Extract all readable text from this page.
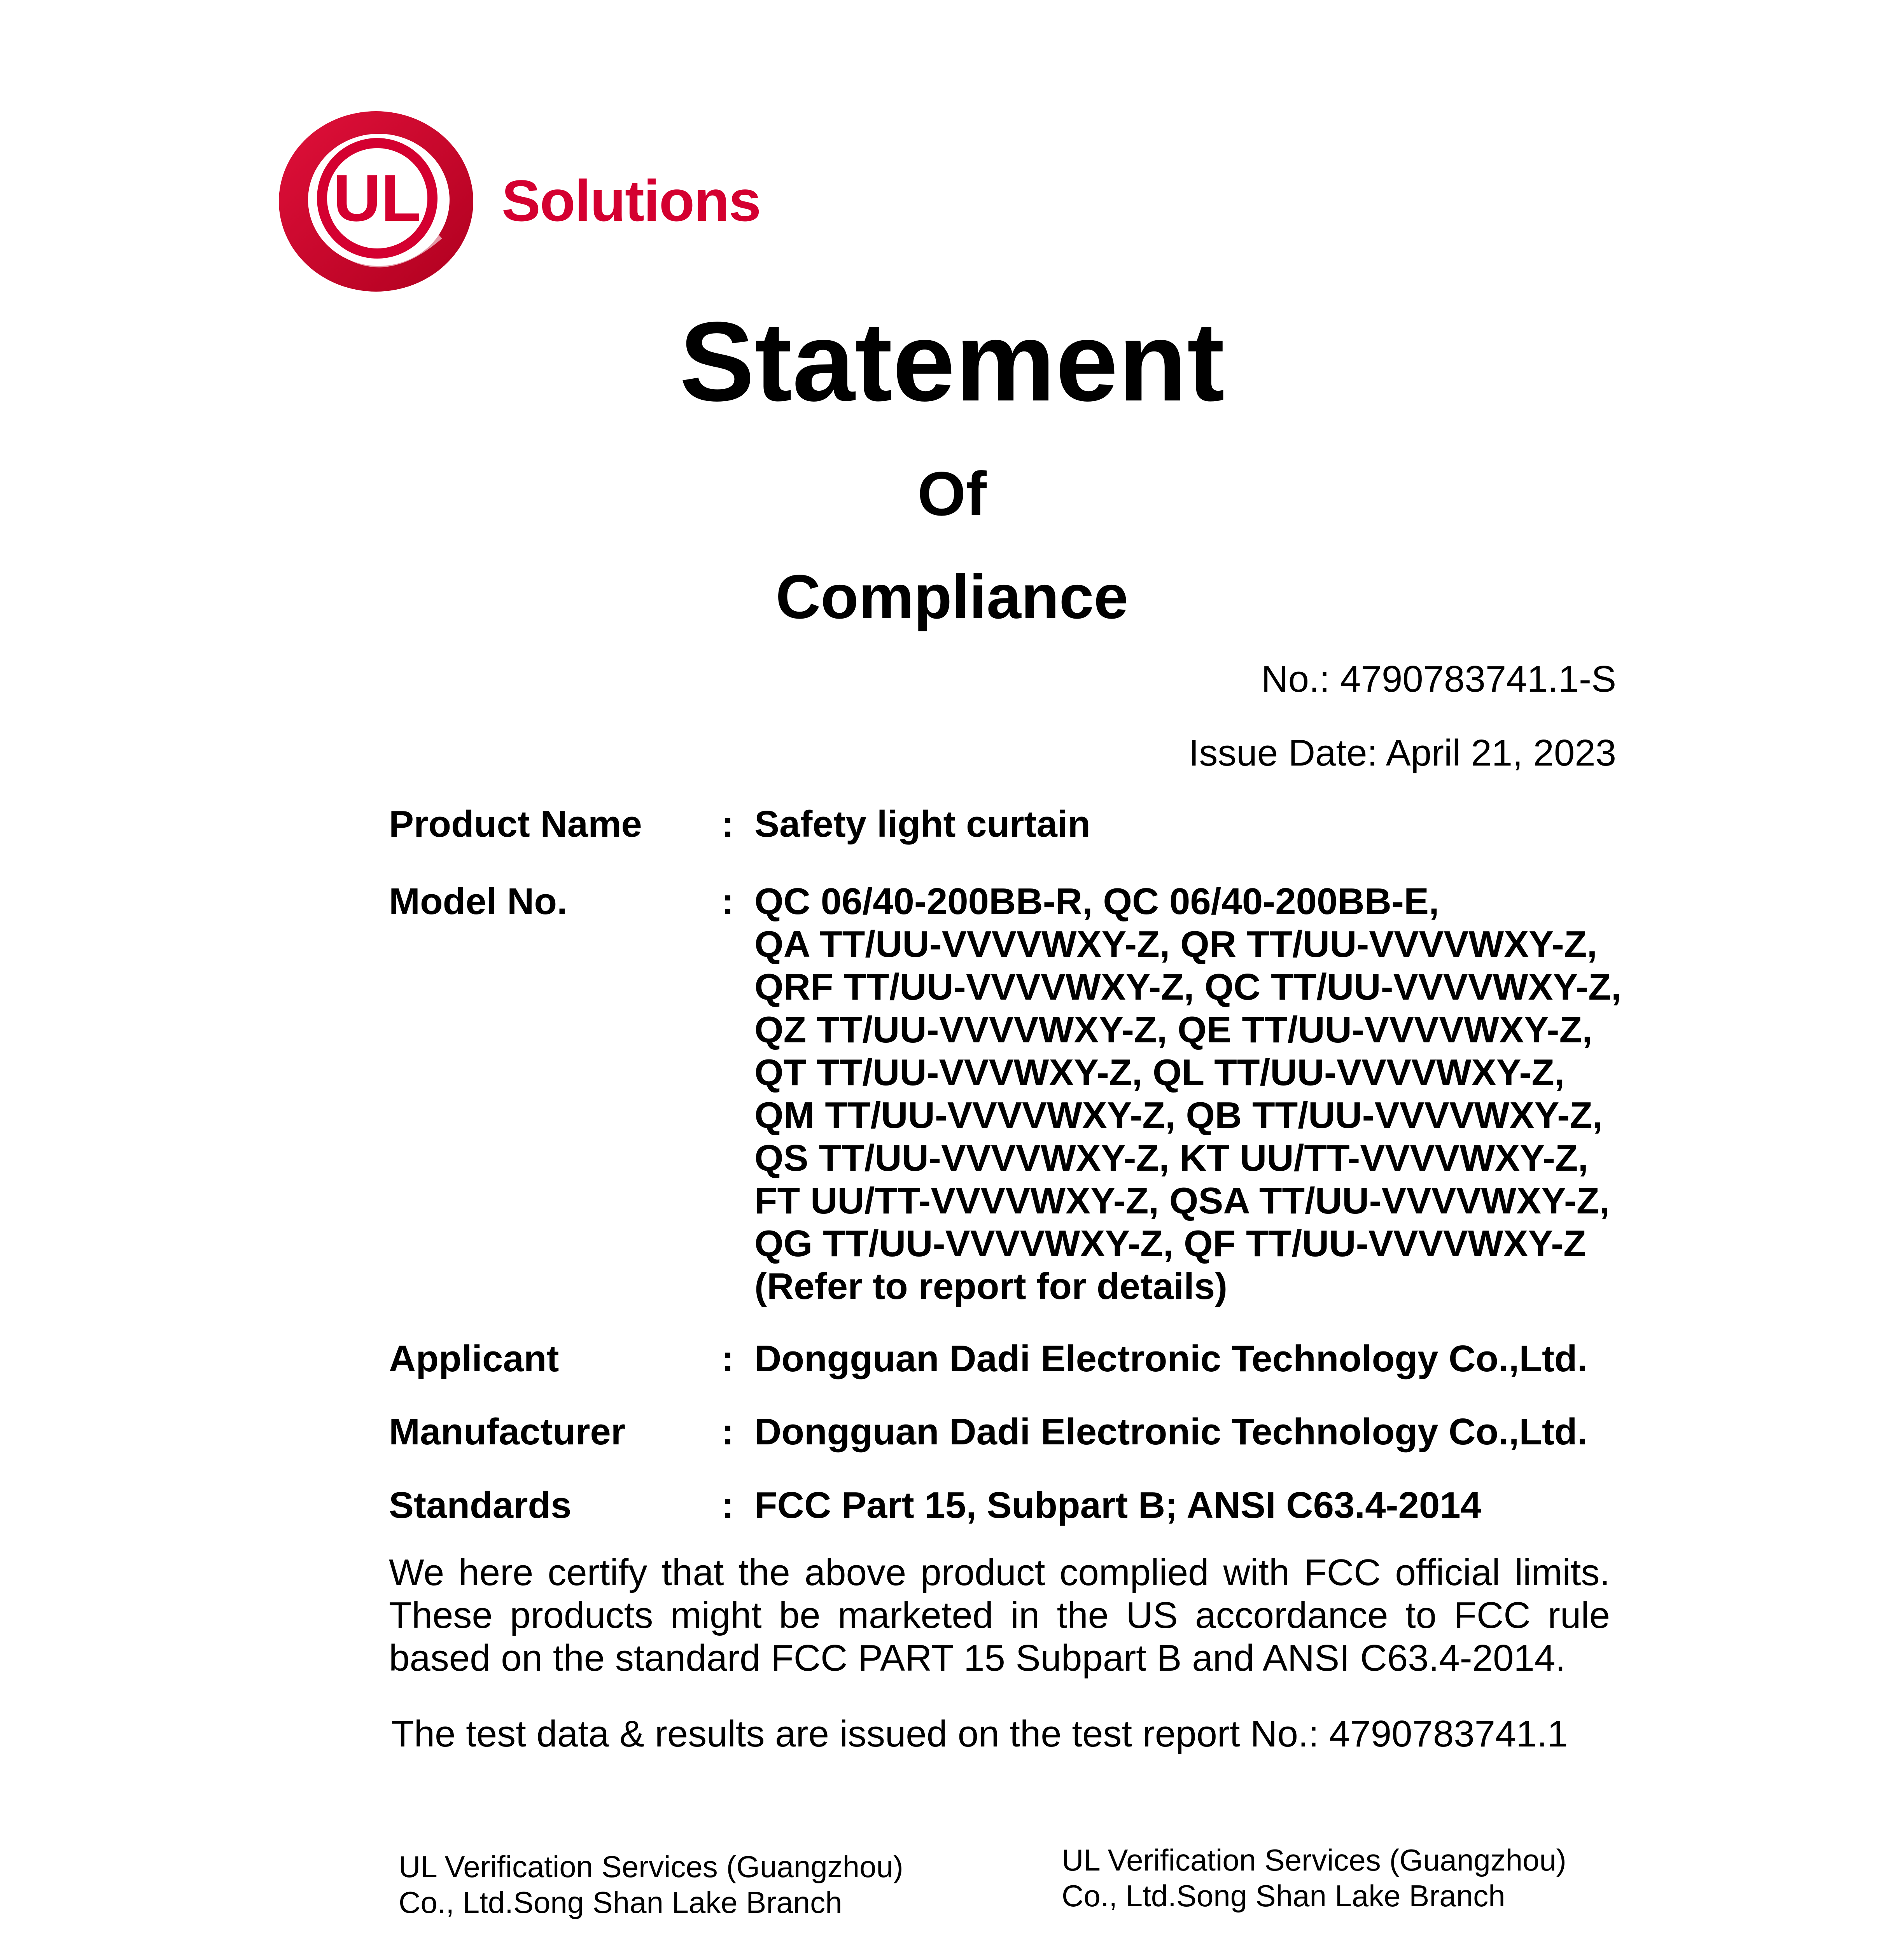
UL Solutions
Statement
Of
Compliance
No.: 4790783741.1-S
Issue Date: April 21, 2023
Product Name : Safety light curtain
Model No.	: QC 06/40-200BB-R, QC 06/40-200BB-E,
QA TT/UU-VVVVWXY-Z, QR TT/UU-VVVVWXY-Z,
QRF TT/UU-VVVVWXY-Z, QC TT/UU-VVVVWXY-Z,
QZ TT/UU-VVVVWXY-Z, QE TT/UU-VVVVWXY-Z,
QT TT/UU-VVVWXY-Z, QL TT/UU-VVVVWXY-Z,
QM TT/UU-VVVVWXY-Z, QB TT/UU-VVVVWXY-Z,
QS TT/UU-VVVVWXY-Z, KT UU/TT-VVVVWXY-Z,
FT UU/TT-VVVVWXY-Z, QSA TT/UU-VVVVWXY-Z,
QG TT/UU-VVVVWXY-Z, QF TT/UU-VVVVWXY-Z
(Refer to report for details)
Applicant	: Dongguan Dadi Electronic Technology Co.,Ltd.
Manufacturer	: Dongguan Dadi Electronic Technology Co.,Ltd.
Standards	: FCC Part 15, Subpart B; ANSI C63.4-2014
We here certify that the above product complied with FCC official limits. These products might be marketed in the US accordance to FCC rule based on the standard FCC PART 15 Subpart B and ANSI C63.4-2014.
The test data & results are issued on the test report No.: 4790783741.1
UL Verification Services (Guangzhou)
Co., Ltd.Song Shan Lake Branch
UL Verification Services (Guangzhou)
Co., Ltd.Song Shan Lake Branch
